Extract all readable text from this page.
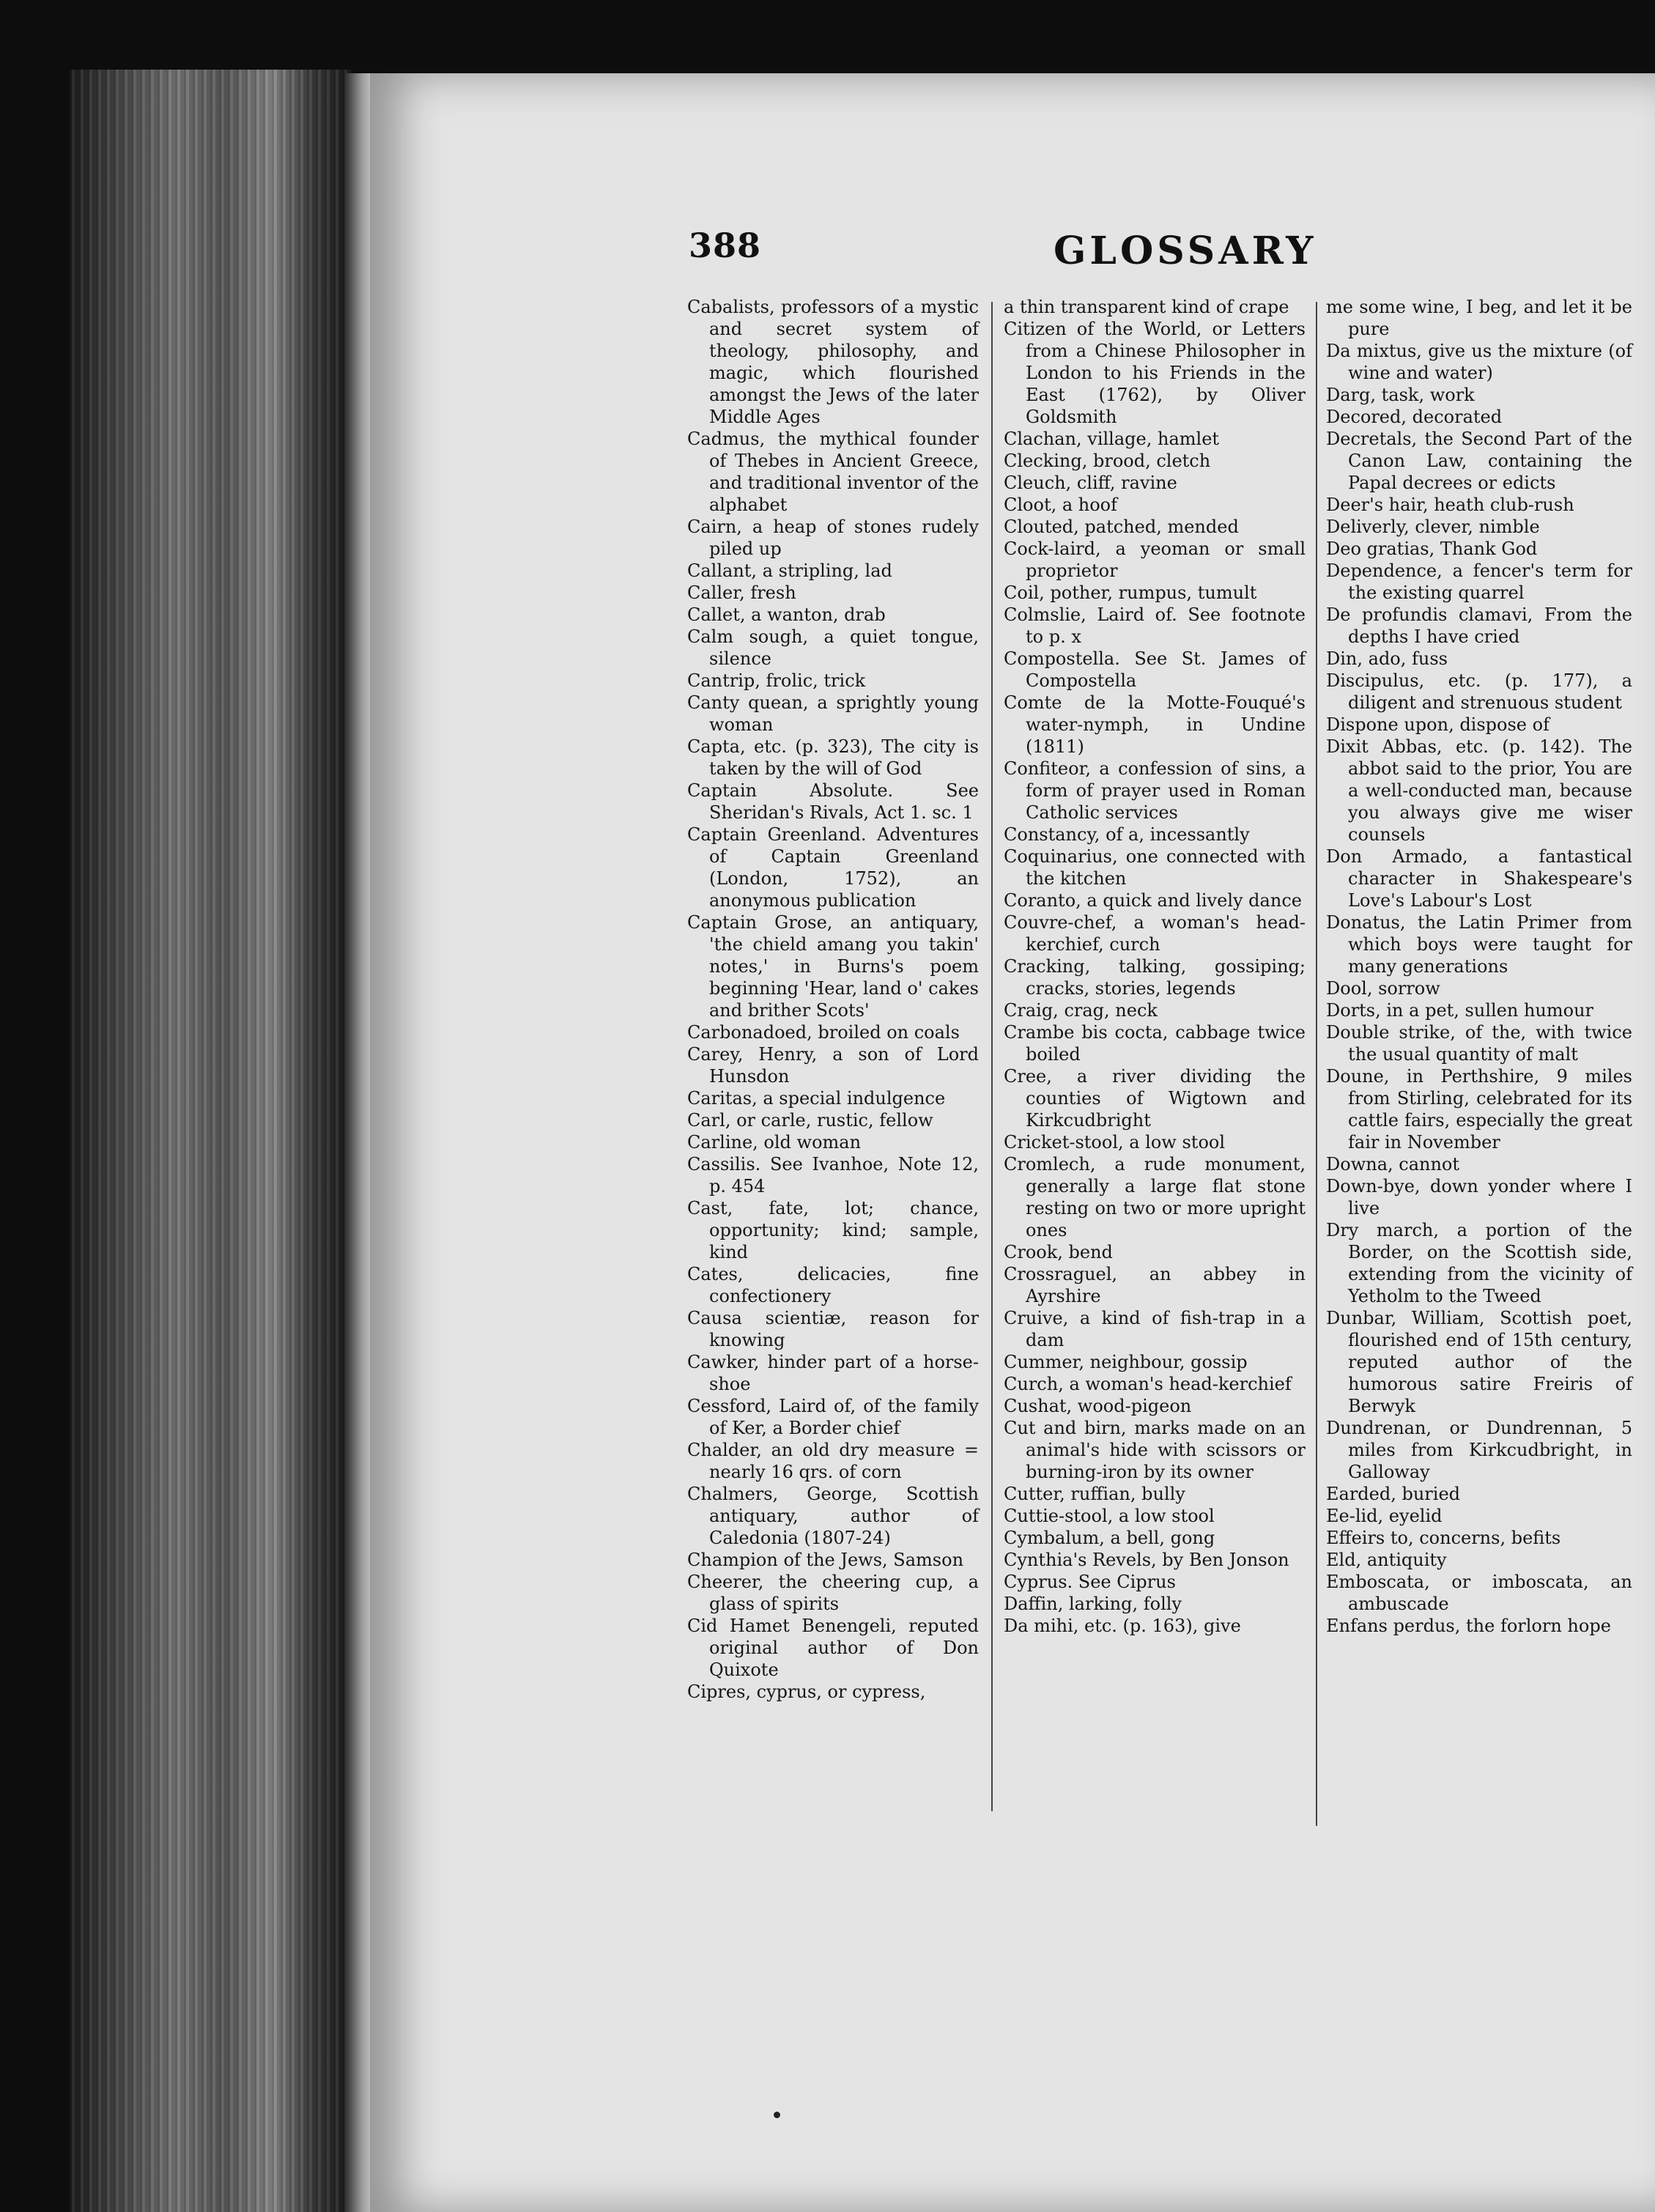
388	GLOSSARY
Cabalists, professors of a mystic and secret system of theology, philosophy, and magic, which flourished amongst the Jews of the later Middle Ages
Cadmus, the mythical founder of Thebes in Ancient Greece, and traditional inventor of the alphabet
Cairn, a heap of stones rudely piled up
Callant, a stripling, lad
Caller, fresh
Callet, a wanton, drab
Calm sough, a quiet tongue, silence
Cantrip, frolic, trick
Canty quean, a sprightly young woman
Capta, etc. (p. 323), The city is taken by the will of God
Captain Absolute. See Sheridan's Rivals, Act 1. sc. 1
Captain Greenland. Adventures of Captain Greenland (London, 1752), an anonymous publication
Captain Grose, an antiquary, 'the chield amang you takin' notes,' in Burns's poem beginning 'Hear, land o' cakes and brither Scots'
Carbonadoed, broiled on coals
Carey, Henry, a son of Lord Hunsdon
Caritas, a special indulgence
Carl, or carle, rustic, fellow
Carline, old woman
Cassilis. See Ivanhoe, Note 12, p. 454
Cast, fate, lot; chance, opportunity; kind; sample, kind
Cates, delicacies, fine confectionery
Causa scientiæ, reason for knowing
Cawker, hinder part of a horse-shoe
Cessford, Laird of, of the family of Ker, a Border chief
Chalder, an old dry measure = nearly 16 qrs. of corn
Chalmers, George, Scottish antiquary, author of Caledonia (1807-24)
Champion of the Jews, Samson
Cheerer, the cheering cup, a glass of spirits
Cid Hamet Benengeli, reputed original author of Don Quixote
Cipres, cyprus, or cypress,
a thin transparent kind of crape
Citizen of the World, or Letters from a Chinese Philosopher in London to his Friends in the East (1762), by Oliver Goldsmith
Clachan, village, hamlet
Clecking, brood, cletch
Cleuch, cliff, ravine
Cloot, a hoof
Clouted, patched, mended
Cock-laird, a yeoman or small proprietor
Coil, pother, rumpus, tumult
Colmslie, Laird of. See footnote to p. x
Compostella. See St. James of Compostella
Comte de la Motte-Fouqué's water-nymph, in Undine (1811)
Confiteor, a confession of sins, a form of prayer used in Roman Catholic services
Constancy, of a, incessantly
Coquinarius, one connected with the kitchen
Coranto, a quick and lively dance
Couvre-chef, a woman's head-kerchief, curch
Cracking, talking, gossiping; cracks, stories, legends
Craig, crag, neck
Crambe bis cocta, cabbage twice boiled
Cree, a river dividing the counties of Wigtown and Kirkcudbright
Cricket-stool, a low stool
Cromlech, a rude monument, generally a large flat stone resting on two or more upright ones
Crook, bend
Crossraguel, an abbey in Ayrshire
Cruive, a kind of fish-trap in a dam
Cummer, neighbour, gossip
Curch, a woman's head-kerchief
Cushat, wood-pigeon
Cut and birn, marks made on an animal's hide with scissors or burning-iron by its owner
Cutter, ruffian, bully
Cuttie-stool, a low stool
Cymbalum, a bell, gong
Cynthia's Revels, by Ben Jonson
Cyprus. See Ciprus
Daffin, larking, folly
Da mihi, etc. (p. 163), give
me some wine, I beg, and let it be pure
Da mixtus, give us the mixture (of wine and water)
Darg, task, work
Decored, decorated
Decretals, the Second Part of the Canon Law, containing the Papal decrees or edicts
Deer's hair, heath club-rush
Deliverly, clever, nimble
Deo gratias, Thank God
Dependence, a fencer's term for the existing quarrel
De profundis clamavi, From the depths I have cried
Din, ado, fuss
Discipulus, etc. (p. 177), a diligent and strenuous student
Dispone upon, dispose of
Dixit Abbas, etc. (p. 142). The abbot said to the prior, You are a well-conducted man, because you always give me wiser counsels
Don Armado, a fantastical character in Shakespeare's Love's Labour's Lost
Donatus, the Latin Primer from which boys were taught for many generations
Dool, sorrow
Dorts, in a pet, sullen humour
Double strike, of the, with twice the usual quantity of malt
Doune, in Perthshire, 9 miles from Stirling, celebrated for its cattle fairs, especially the great fair in November
Downa, cannot
Down-bye, down yonder where I live
Dry march, a portion of the Border, on the Scottish side, extending from the vicinity of Yetholm to the Tweed
Dunbar, William, Scottish poet, flourished end of 15th century, reputed author of the humorous satire Freiris of Berwyk
Dundrenan, or Dundrennan, 5 miles from Kirkcudbright, in Galloway
Earded, buried
Ee-lid, eyelid
Effeirs to, concerns, befits
Eld, antiquity
Emboscata, or imboscata, an ambuscade
Enfans perdus, the forlorn hope
